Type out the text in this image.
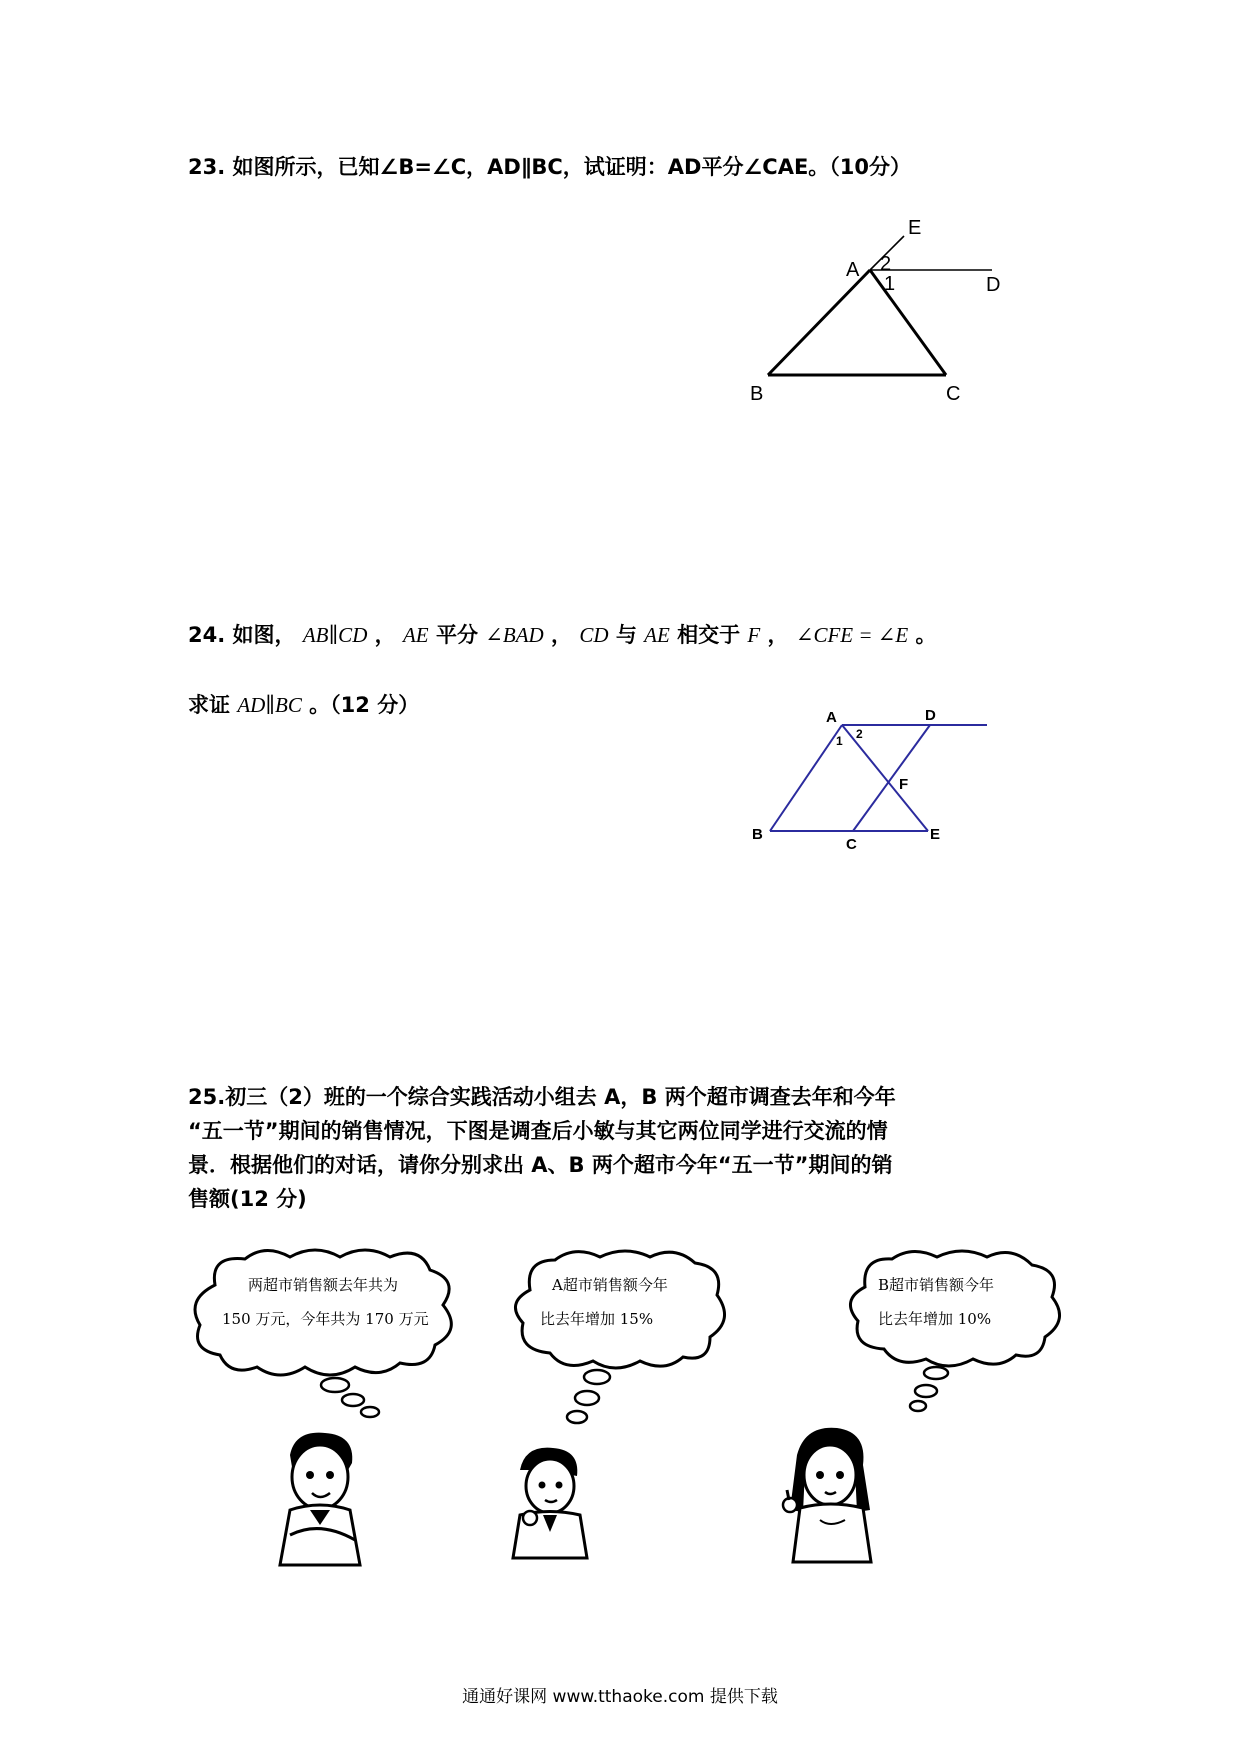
23. 如图所示，已知∠B=∠C，AD∥BC，试证明：AD平分∠CAE。（10分）
E
A 2
1	D
B	C
24. 如图， AB∥CD ， AE 平分 ∠BAD ， CD 与 AE 相交于 F ， ∠CFE = ∠E 。
求证 AD∥BC 。（12 分）
A	D
2
1
F
B
C
E
25.初三（2）班的一个综合实践活动小组去 A，B 两个超市调查去年和今年
“五一节”期间的销售情况，下图是调查后小敏与其它两位同学进行交流的情
景．根据他们的对话，请你分别求出 A、B 两个超市今年“五一节”期间的销
售额(12 分)
两超市销售额去年共为
150 万元，今年共为 170 万元
A超市销售额今年
比去年增加 15%
B超市销售额今年
比去年增加 10%
通通好课网 www.tthaoke.com 提供下载
